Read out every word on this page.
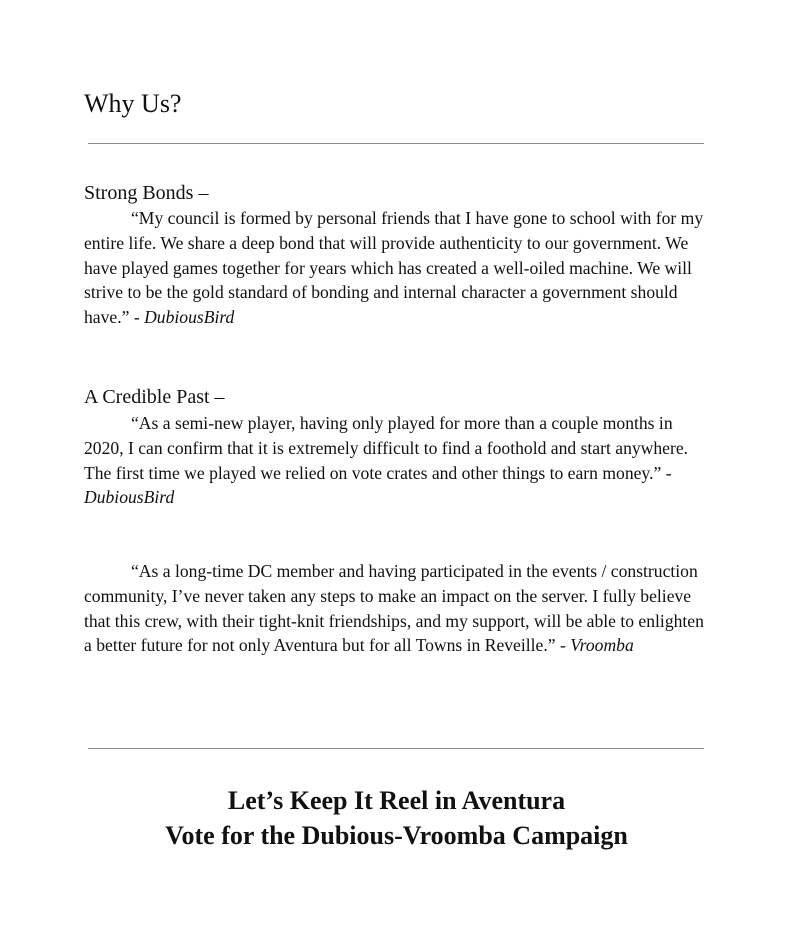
Why Us?
Strong Bonds –

“My council is formed by personal friends that I have gone to school with for my entire life. We share a deep bond that will provide authenticity to our government. We have played games together for years which has created a well-oiled machine. We will strive to be the gold standard of bonding and internal character a government should have.” - DubiousBird

A Credible Past –

“As a semi-new player, having only played for more than a couple months in 2020, I can confirm that it is extremely difficult to find a foothold and start anywhere. The first time we played we relied on vote crates and other things to earn money.” - DubiousBird

“As a long-time DC member and having participated in the events / construction community, I’ve never taken any steps to make an impact on the server. I fully believe that this crew, with their tight-knit friendships, and my support, will be able to enlighten a better future for not only Aventura but for all Towns in Reveille.” - Vroomba

Let’s Keep It Reel in Aventura
Vote for the Dubious-Vroomba Campaign
